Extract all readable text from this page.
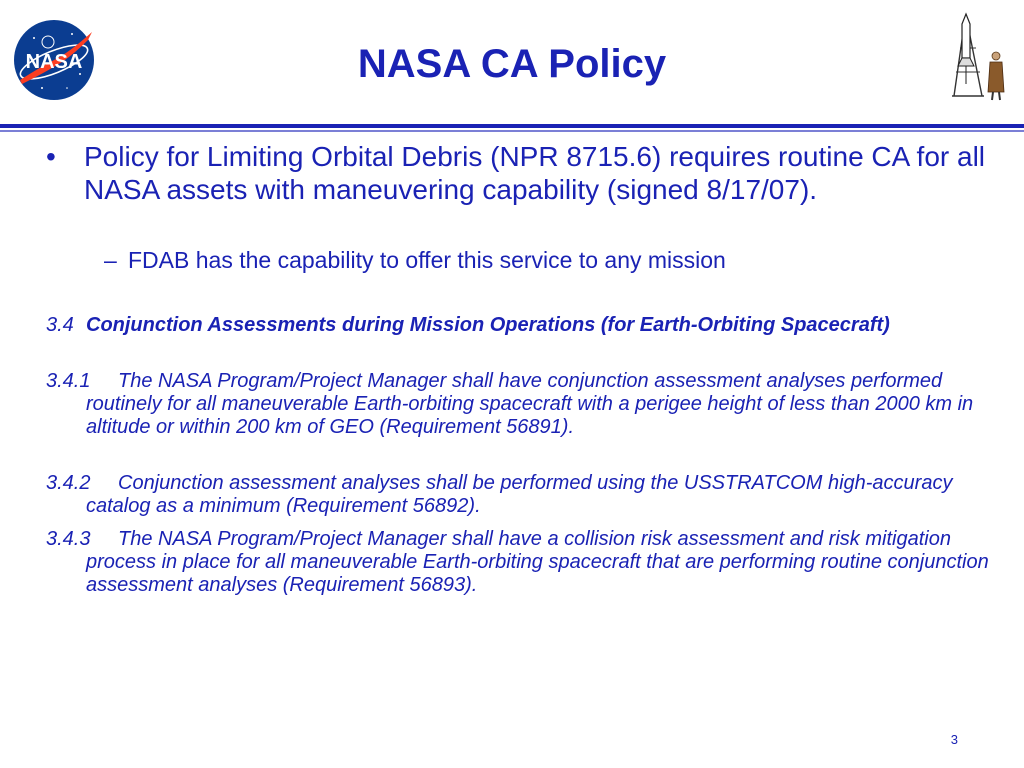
NASA	NASA CA Policy
• Policy for Limiting Orbital Debris (NPR 8715.6) requires routine CA for all NASA assets with maneuvering capability (signed 8/17/07).
– FDAB has the capability to offer this service to any mission
3.4 Conjunction Assessments during Mission Operations (for Earth-Orbiting Spacecraft)
3.4.1	The NASA Program/Project Manager shall have conjunction assessment analyses performed routinely for all maneuverable Earth-orbiting spacecraft with a perigee height of less than 2000 km in altitude or within 200 km of GEO (Requirement 56891).
3.4.2	Conjunction assessment analyses shall be performed using the USSTRATCOM high-accuracy catalog as a minimum (Requirement 56892).
3.4.3	The NASA Program/Project Manager shall have a collision risk assessment and risk mitigation process in place for all maneuverable Earth-orbiting spacecraft that are performing routine conjunction assessment analyses (Requirement 56893).
3
